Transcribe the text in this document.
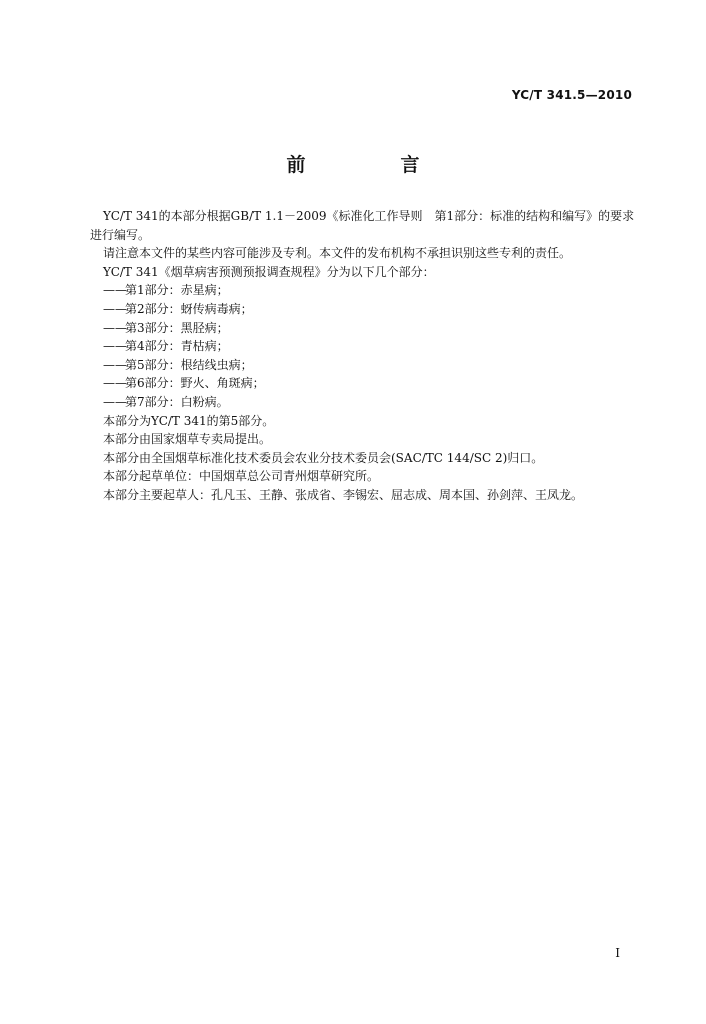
YC/T 341.5—2010
前　言

YC/T 341的本部分根据GB/T 1.1－2009《标准化工作导则　第1部分：标准的结构和编写》的要求进行编写。

请注意本文件的某些内容可能涉及专利。本文件的发布机构不承担识别这些专利的责任。

YC/T 341《烟草病害预测预报调查规程》分为以下几个部分：

——第1部分：赤星病；

——第2部分：蚜传病毒病；

——第3部分：黑胫病；

——第4部分：青枯病；

——第5部分：根结线虫病；

——第6部分：野火、角斑病；

——第7部分：白粉病。

本部分为YC/T 341的第5部分。

本部分由国家烟草专卖局提出。

本部分由全国烟草标准化技术委员会农业分技术委员会(SAC/TC 144/SC 2)归口。

本部分起草单位：中国烟草总公司青州烟草研究所。

本部分主要起草人：孔凡玉、王静、张成省、李锡宏、屈志成、周本国、孙剑萍、王凤龙。

I
